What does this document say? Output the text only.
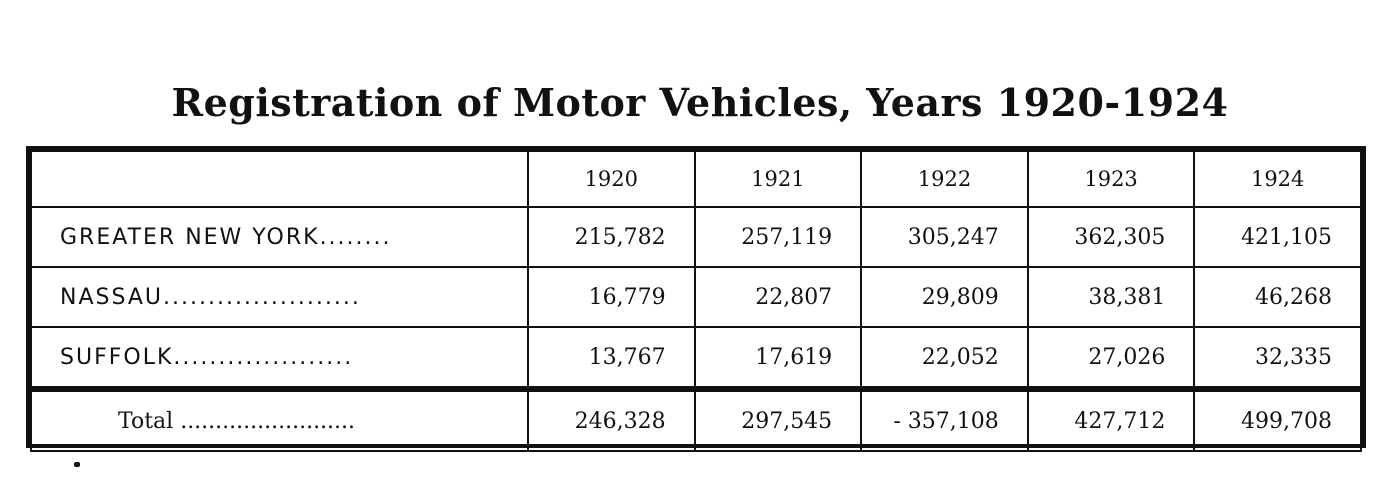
Registration of Motor Vehicles, Years 1920-1924
	1920	1921	1922	1923	1924
GREATER NEW YORK........	215,782	257,119	305,247	362,305	421,105
NASSAU......................	16,779	22,807	29,809	38,381	46,268
SUFFOLK....................	13,767	17,619	22,052	27,026	32,335
Total .........................	246,328	297,545	- 357,108	427,712	499,708
